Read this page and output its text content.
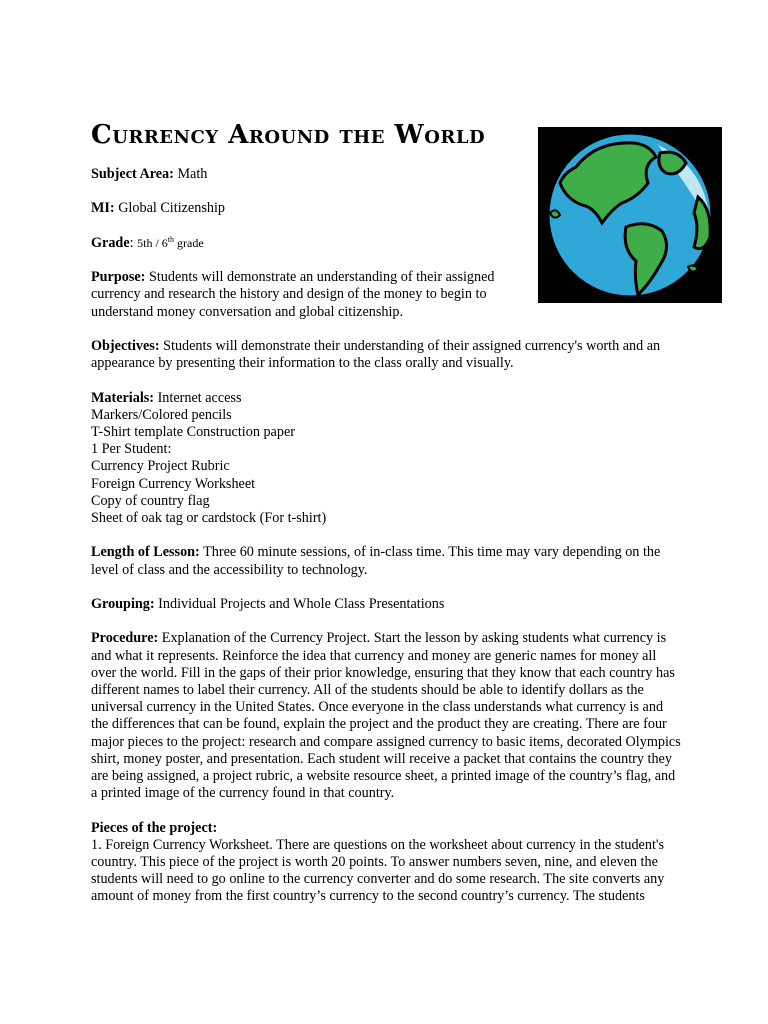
Currency Around the World

Subject Area: Math

MI: Global Citizenship

Grade: 5th / 6th grade

Purpose: Students will demonstrate an understanding of their assigned currency and research the history and design of the money to begin to understand money conversation and global citizenship.

Objectives: Students will demonstrate their understanding of their assigned currency's worth and an appearance by presenting their information to the class orally and visually.

Materials: Internet access
Markers/Colored pencils
T-Shirt template Construction paper
1 Per Student:
Currency Project Rubric
Foreign Currency Worksheet
Copy of country flag
Sheet of oak tag or cardstock (For t-shirt)

Length of Lesson: Three 60 minute sessions, of in-class time. This time may vary depending on the level of class and the accessibility to technology.

Grouping: Individual Projects and Whole Class Presentations

Procedure: Explanation of the Currency Project. Start the lesson by asking students what currency is and what it represents. Reinforce the idea that currency and money are generic names for money all over the world. Fill in the gaps of their prior knowledge, ensuring that they know that each country has different names to label their currency. All of the students should be able to identify dollars as the universal currency in the United States. Once everyone in the class understands what currency is and the differences that can be found, explain the project and the product they are creating. There are four major pieces to the project: research and compare assigned currency to basic items, decorated Olympics shirt, money poster, and presentation. Each student will receive a packet that contains the country they are being assigned, a project rubric, a website resource sheet, a printed image of the country’s flag, and a printed image of the currency found in that country.

Pieces of the project:
1. Foreign Currency Worksheet. There are questions on the worksheet about currency in the student's country. This piece of the project is worth 20 points. To answer numbers seven, nine, and eleven the students will need to go online to the currency converter and do some research. The site converts any amount of money from the first country’s currency to the second country’s currency. The students
